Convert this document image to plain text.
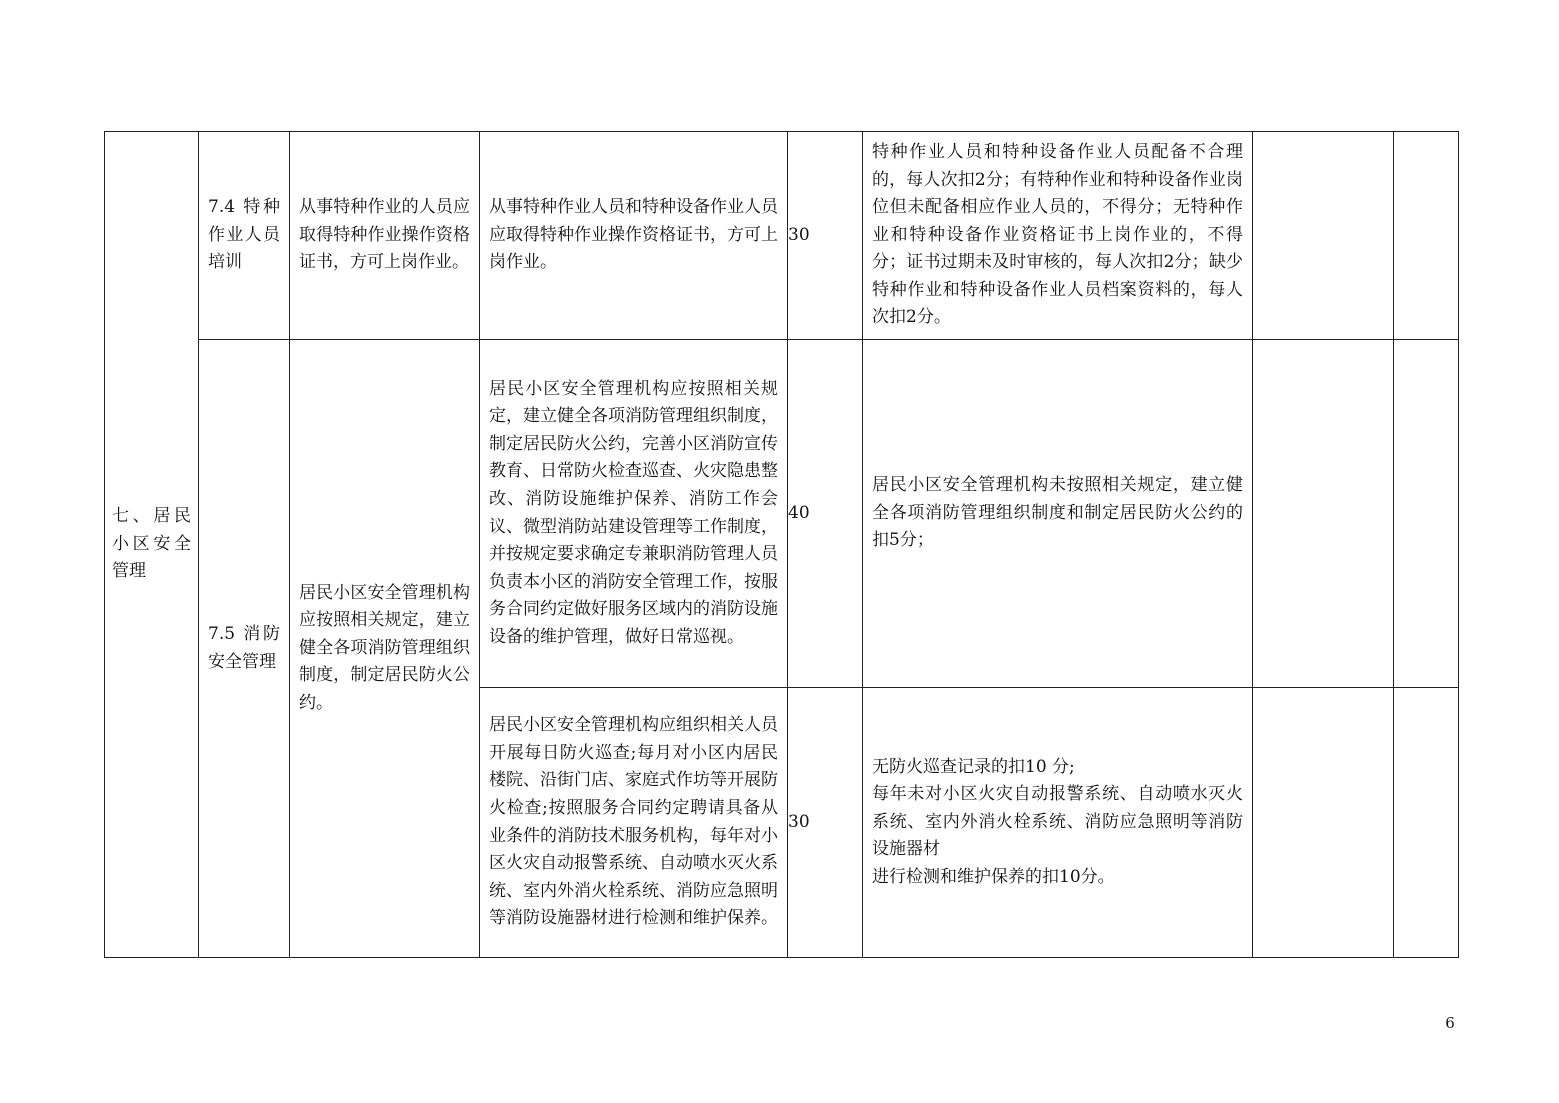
七、居民小区安全管理	7.4 特种作业人员培训	从事特种作业的人员应取得特种作业操作资格证书，方可上岗作业。	从事特种作业人员和特种设备作业人员应取得特种作业操作资格证书，方可上岗作业。	30	特种作业人员和特种设备作业人员配备不合理的，每人次扣2分；有特种作业和特种设备作业岗位但未配备相应作业人员的，不得分；无特种作业和特种设备作业资格证书上岗作业的，不得分；证书过期未及时审核的，每人次扣2分；缺少特种作业和特种设备作业人员档案资料的，每人次扣2分。		

	7.5 消防安全管理	居民小区安全管理机构应按照相关规定，建立健全各项消防管理组织制度，制定居民防火公约。	居民小区安全管理机构应按照相关规定，建立健全各项消防管理组织制度，制定居民防火公约，完善小区消防宣传教育、日常防火检查巡查、火灾隐患整改、消防设施维护保养、消防工作会议、微型消防站建设管理等工作制度，并按规定要求确定专兼职消防管理人员负责本小区的消防安全管理工作，按服务合同约定做好服务区域内的消防设施设备的维护管理，做好日常巡视。	40	居民小区安全管理机构未按照相关规定，建立健全各项消防管理组织制度和制定居民防火公约的扣5分；		

			居民小区安全管理机构应组织相关人员开展每日防火巡查;每月对小区内居民楼院、沿街门店、家庭式作坊等开展防火检查;按照服务合同约定聘请具备从业条件的消防技术服务机构，每年对小区火灾自动报警系统、自动喷水灭火系统、室内外消火栓系统、消防应急照明等消防设施器材进行检测和维护保养。	30	无防火巡查记录的扣10 分;
每年未对小区火灾自动报警系统、自动喷水灭火系统、室内外消火栓系统、消防应急照明等消防设施器材
进行检测和维护保养的扣10分。		

6
